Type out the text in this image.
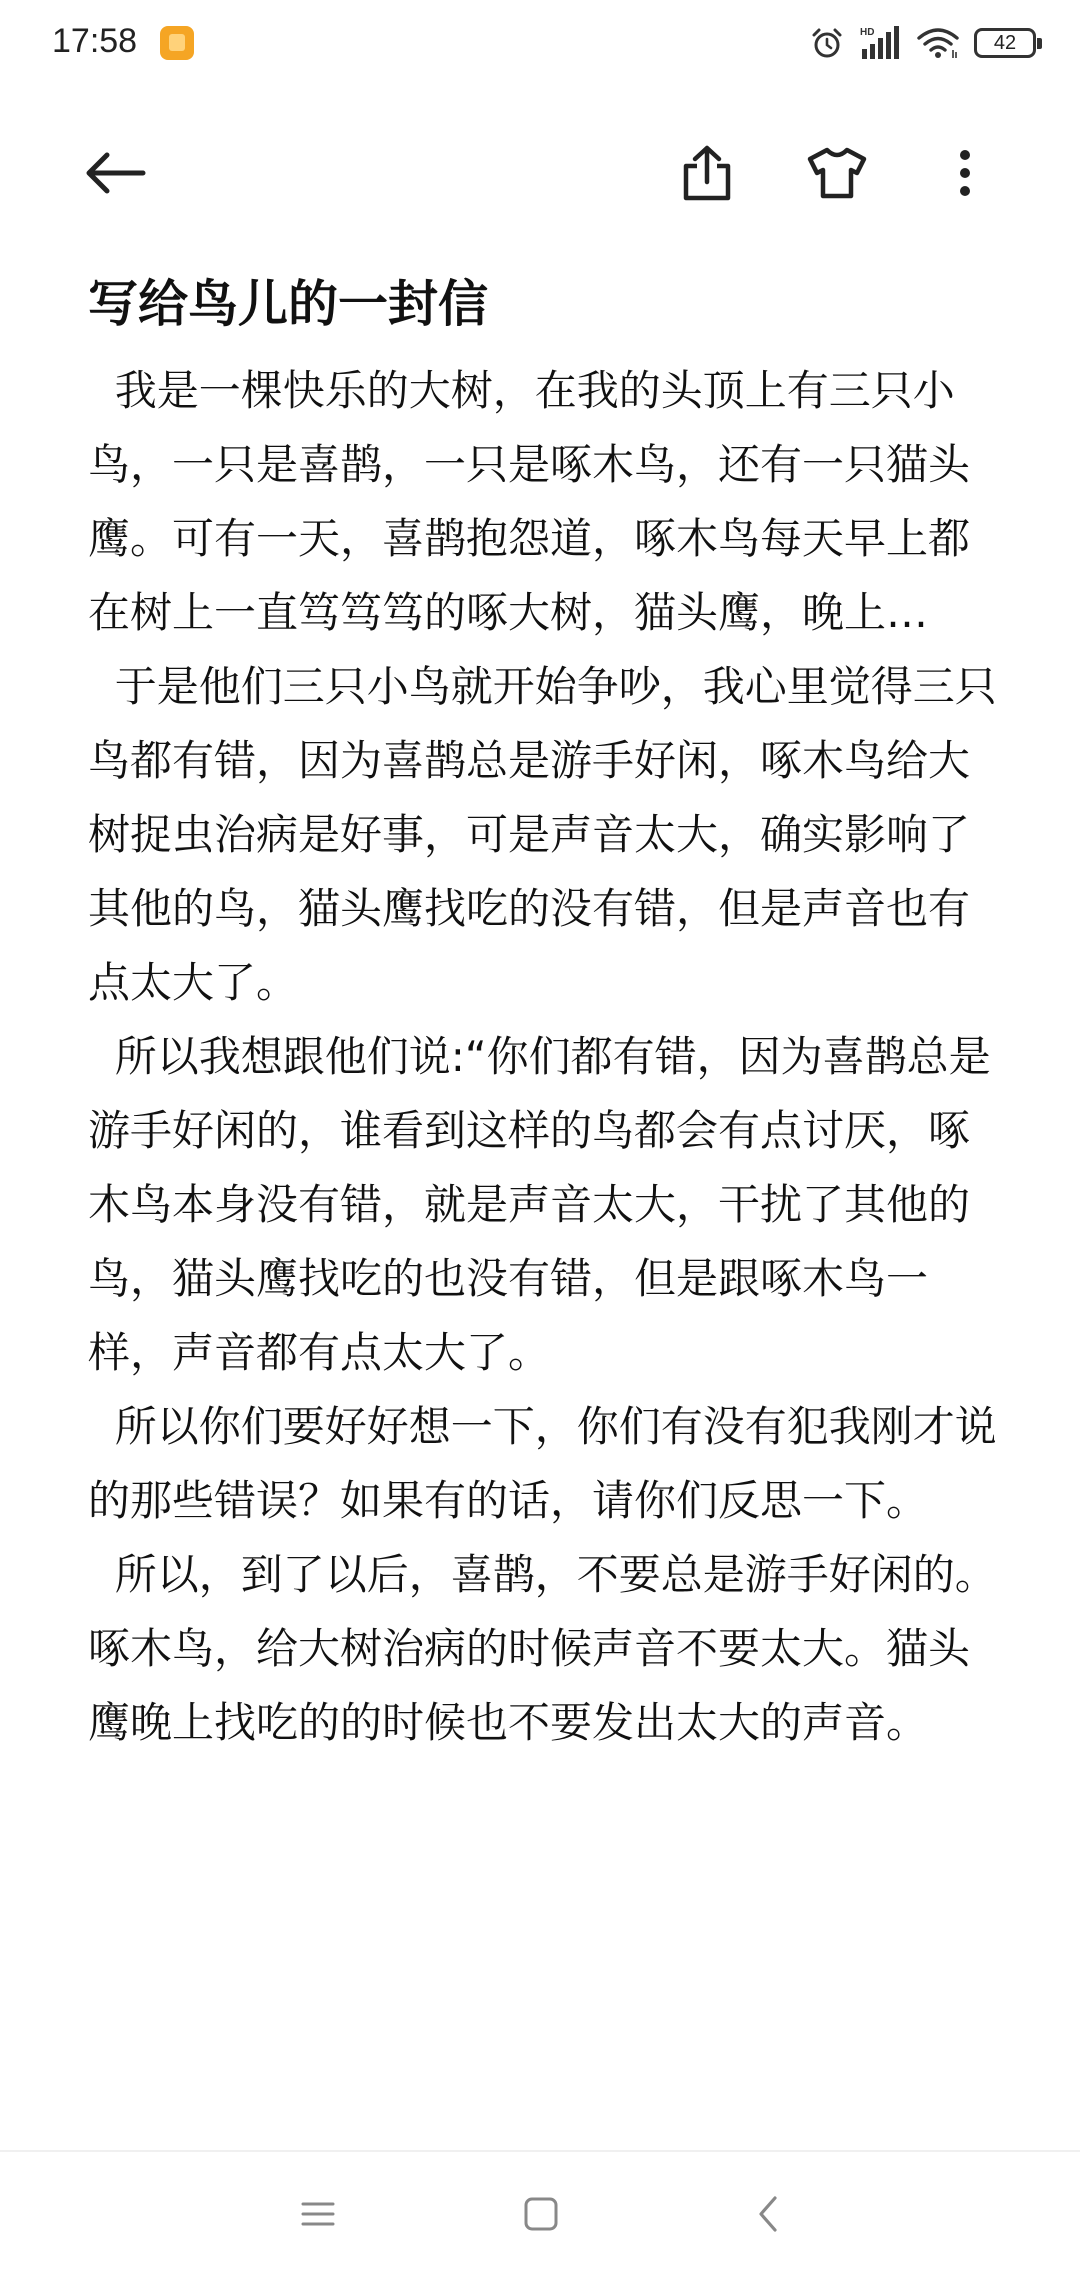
17:58	HD	42
写给鸟儿的一封信

我是一棵快乐的大树，在我的头顶上有三只小鸟，一只是喜鹊，一只是啄木鸟，还有一只猫头鹰。可有一天，喜鹊抱怨道，啄木鸟每天早上都在树上一直笃笃笃的啄大树，猫头鹰，晚上…

于是他们三只小鸟就开始争吵，我心里觉得三只鸟都有错，因为喜鹊总是游手好闲，啄木鸟给大树捉虫治病是好事，可是声音太大，确实影响了其他的鸟，猫头鹰找吃的没有错，但是声音也有点太大了。

所以我想跟他们说:“你们都有错，因为喜鹊总是游手好闲的，谁看到这样的鸟都会有点讨厌，啄木鸟本身没有错，就是声音太大，干扰了其他的鸟，猫头鹰找吃的也没有错，但是跟啄木鸟一样，声音都有点太大了。

所以你们要好好想一下，你们有没有犯我刚才说的那些错误？如果有的话，请你们反思一下。

所以，到了以后，喜鹊，不要总是游手好闲的。啄木鸟，给大树治病的时候声音不要太大。猫头鹰晚上找吃的的时候也不要发出太大的声音。
